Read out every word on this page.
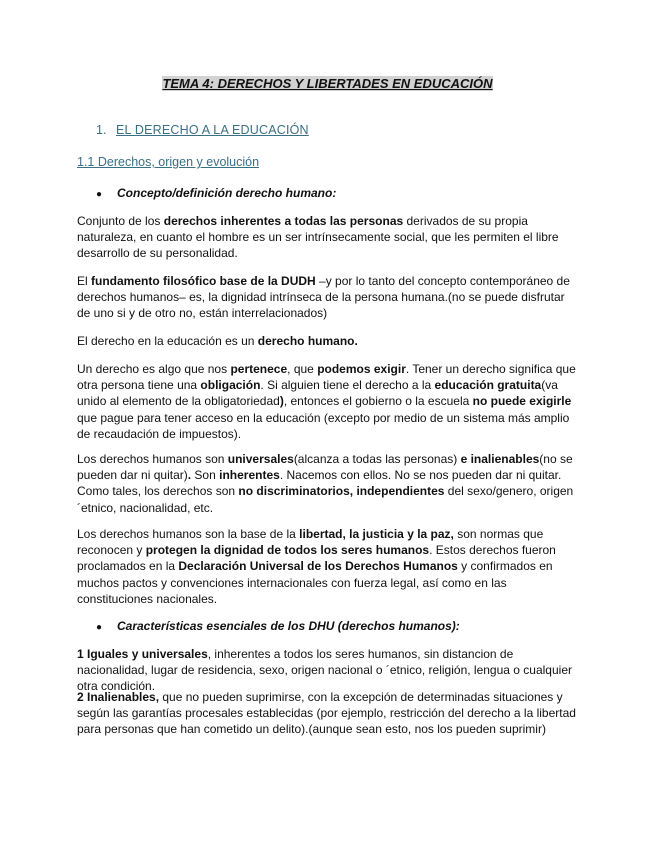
TEMA 4: DERECHOS Y LIBERTADES EN EDUCACIÓN
1. EL DERECHO A LA EDUCACIÓN
1.1 Derechos, origen y evolución
● Concepto/definición derecho humano:

Conjunto de los derechos inherentes a todas las personas derivados de su propia naturaleza, en cuanto el hombre es un ser intrínsecamente social, que les permiten el libre desarrollo de su personalidad.

El fundamento filosófico base de la DUDH –y por lo tanto del concepto contemporáneo de derechos humanos– es, la dignidad intrínseca de la persona humana.(no se puede disfrutar de uno si y de otro no, están interrelacionados)

El derecho en la educación es un derecho humano.

Un derecho es algo que nos pertenece, que podemos exigir. Tener un derecho significa que otra persona tiene una obligación. Si alguien tiene el derecho a la educación gratuita(va unido al elemento de la obligatoriedad), entonces el gobierno o la escuela no puede exigirle que pague para tener acceso en la educación (excepto por medio de un sistema más amplio de recaudación de impuestos).

Los derechos humanos son universales(alcanza a todas las personas) e inalienables(no se pueden dar ni quitar). Son inherentes. Nacemos con ellos. No se nos pueden dar ni quitar. Como tales, los derechos son no discriminatorios, independientes del sexo/genero, origen ´etnico, nacionalidad, etc.

Los derechos humanos son la base de la libertad, la justicia y la paz, son normas que reconocen y protegen la dignidad de todos los seres humanos. Estos derechos fueron proclamados en la Declaración Universal de los Derechos Humanos y confirmados en muchos pactos y convenciones internacionales con fuerza legal, así como en las constituciones nacionales.

● Características esenciales de los DHU (derechos humanos):

1 Iguales y universales, inherentes a todos los seres humanos, sin distancion de nacionalidad, lugar de residencia, sexo, origen nacional o ´etnico, religión, lengua o cualquier otra condición.

2 Inalienables, que no pueden suprimirse, con la excepción de determinadas situaciones y según las garantías procesales establecidas (por ejemplo, restricción del derecho a la libertad para personas que han cometido un delito).(aunque sean esto, nos los pueden suprimir)
